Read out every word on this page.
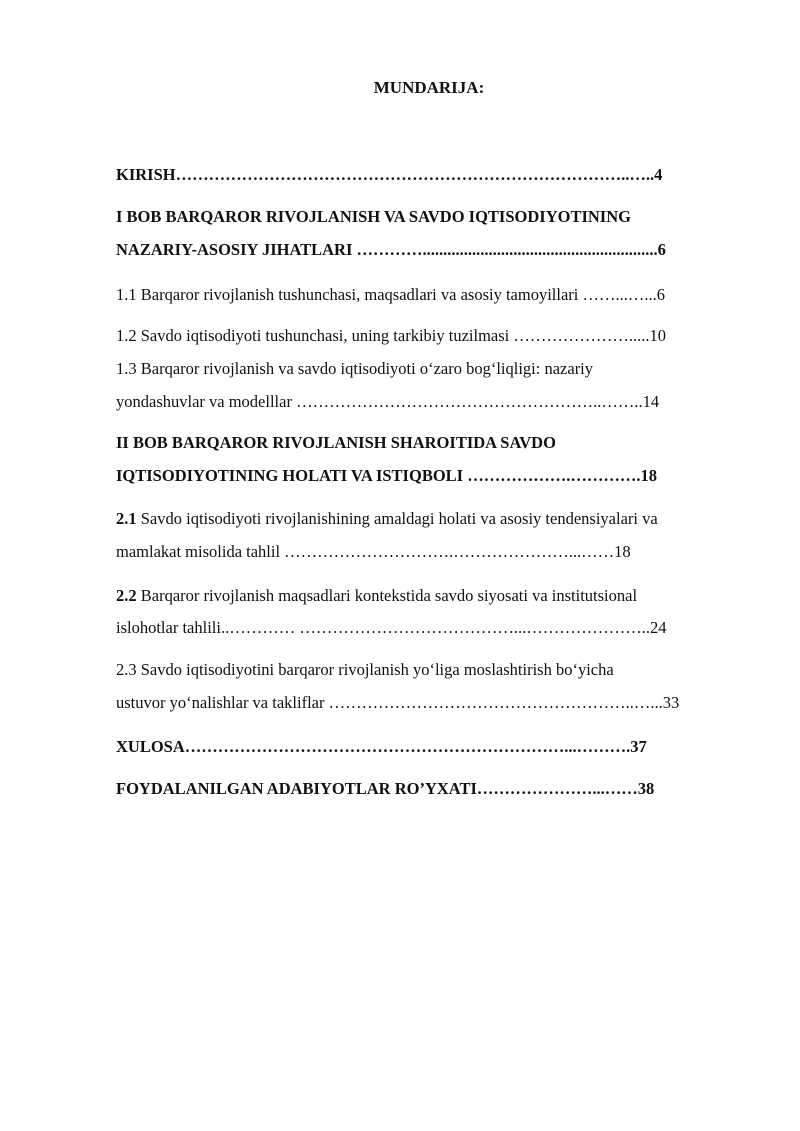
MUNDARIJA:
KIRISH………………………………………………………………………..…..4
I BOB BARQAROR RIVOJLANISH VA SAVDO IQTISODIYOTINING
NAZARIY-ASOSIY JIHATLARI ………….........................................................6
1.1 Barqaror rivojlanish tushunchasi, maqsadlari va asosiy tamoyillari ……...…...6
1.2 Savdo iqtisodiyoti tushunchasi, uning tarkibiy tuzilmasi ………………….....10
1.3 Barqaror rivojlanish va savdo iqtisodiyoti o‘zaro bog‘liqligi: nazariy
yondashuvlar va modelllar ………………………………………………..……..14
II BOB BARQAROR RIVOJLANISH SHAROITIDA SAVDO
IQTISODIYOTINING HOLATI VA ISTIQBOLI ……………….………….18
2.1 Savdo iqtisodiyoti rivojlanishining amaldagi holati va asosiy tendensiyalari va
mamlakat misolida tahlil ………………………….…………………...……18
2.2 Barqaror rivojlanish maqsadlari kontekstida savdo siyosati va institutsional
islohotlar tahlili..………… …………………………………...…………………..24
2.3 Savdo iqtisodiyotini barqaror rivojlanish yo‘liga moslashtirish bo‘yicha
ustuvor yo‘nalishlar va takliflar ………………………………………………..…...33
XULOSA……………………………………………………………...……….37
FOYDALANILGAN ADABIYOTLAR RO’YXATI…………………...……38
